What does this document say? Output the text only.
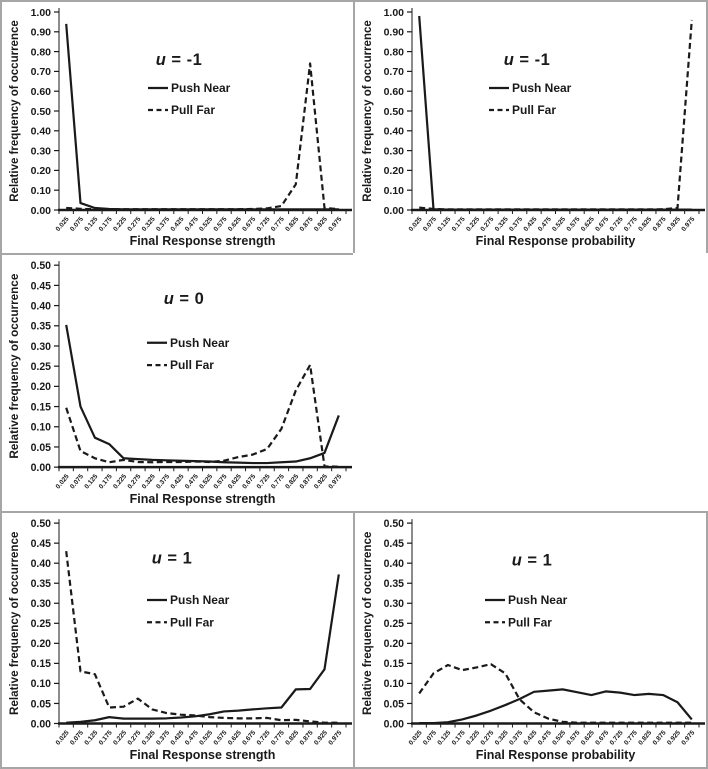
0.00
0.10
0.20
0.30
0.40
0.50
0.60
0.70
0.80
0.90
1.00
0.025
0.075
0.125
0.175
0.225
0.275
0.325
0.375
0.425
0.475
0.525
0.575
0.625
0.675
0.725
0.775
0.825
0.875
0.925
0.975
u = -1
Push Near
Pull Far
Final Response strength
Relative frequency of occurrence
0.00
0.10
0.20
0.30
0.40
0.50
0.60
0.70
0.80
0.90
1.00
0.025
0.075
0.125
0.175
0.225
0.275
0.325
0.375
0.425
0.475
0.525
0.575
0.625
0.675
0.725
0.775
0.825
0.875
0.925
0.975
u = -1
Push Near
Pull Far
Final Response probability
Relative frequency of occurrence
0.00
0.05
0.10
0.15
0.20
0.25
0.30
0.35
0.40
0.45
0.50
0.025
0.075
0.125
0.175
0.225
0.275
0.325
0.375
0.425
0.475
0.525
0.575
0.625
0.675
0.725
0.775
0.825
0.875
0.925
0.975
u = 0
Push Near
Pull Far
Final Response strength
Relative frequency of occurrence
0.00
0.05
0.10
0.15
0.20
0.25
0.30
0.35
0.40
0.45
0.50
0.025
0.075
0.125
0.175
0.225
0.275
0.325
0.375
0.425
0.475
0.525
0.575
0.625
0.675
0.725
0.775
0.825
0.875
0.925
0.975
u = 1
Push Near
Pull Far
Final Response strength
Relative frequency of occurrence
0.00
0.05
0.10
0.15
0.20
0.25
0.30
0.35
0.40
0.45
0.50
0.025
0.075
0.125
0.175
0.225
0.275
0.325
0.375
0.425
0.475
0.525
0.575
0.625
0.675
0.725
0.775
0.825
0.875
0.925
0.975
u = 1
Push Near
Pull Far
Final Response probability
Relative frequency of occurrence
